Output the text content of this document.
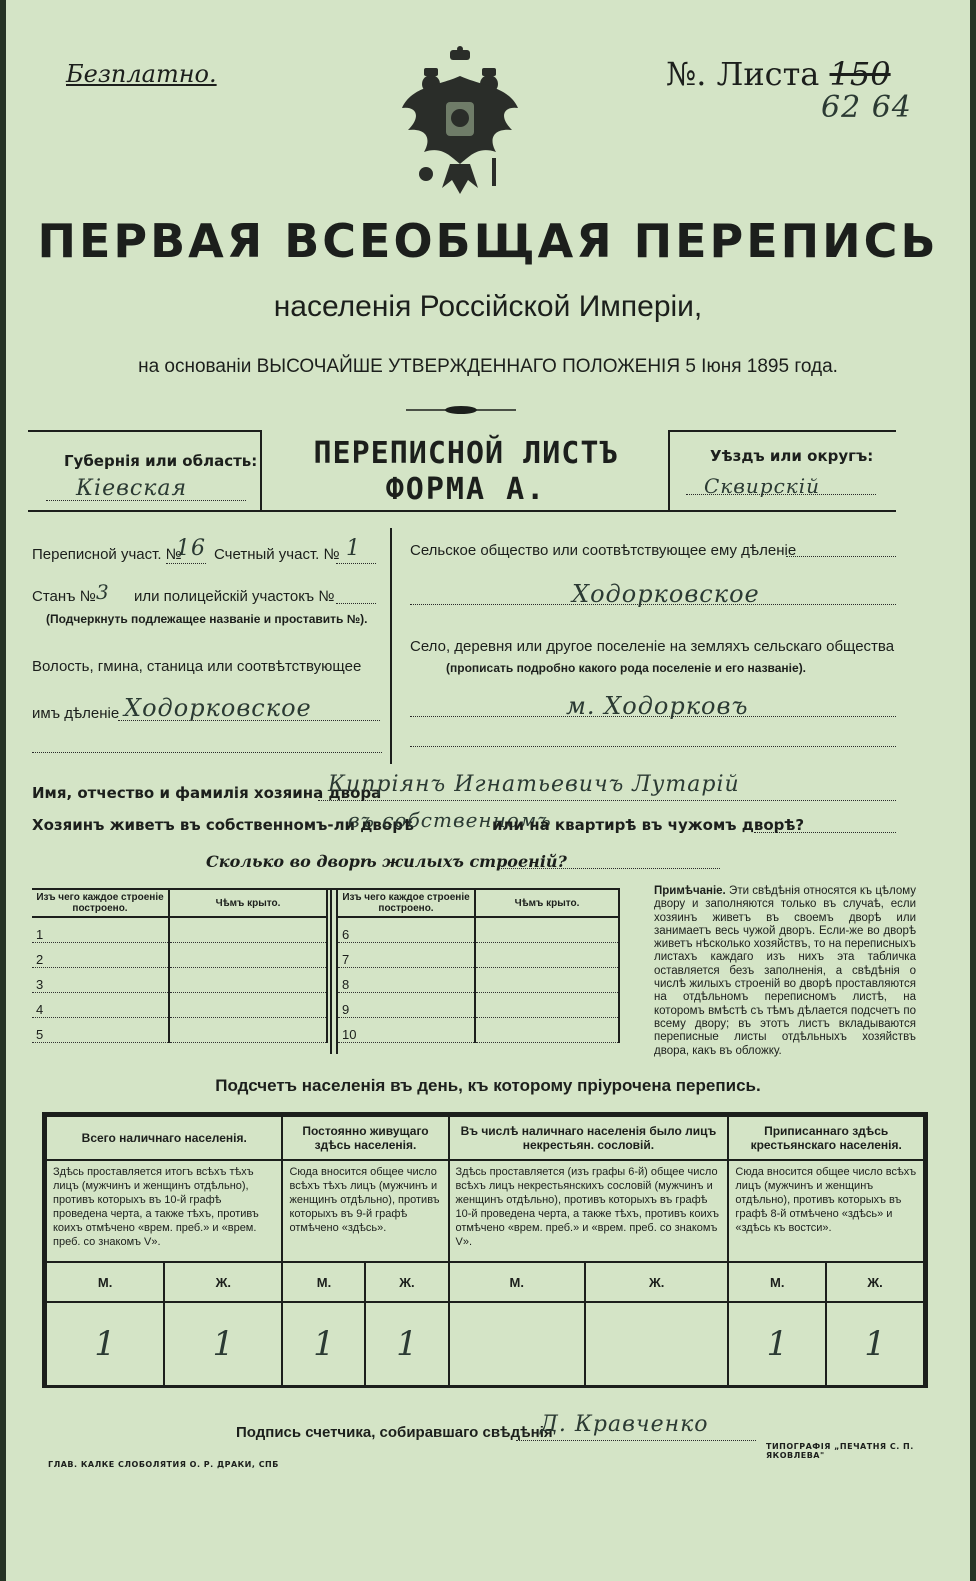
Безплатно.	№. Листа 150
62 64
ПЕРВАЯ ВСЕОБЩАЯ ПЕРЕПИСЬ
населенія Россійской Имперіи,
на основаніи ВЫСОЧАЙШЕ УТВЕРЖДЕННАГО ПОЛОЖЕНІЯ 5 Іюня 1895 года.
Губернія или область:
Кіевская
ПЕРЕПИСНОЙ ЛИСТЪ
ФОРМА А.
Уѣздъ или округъ:
Сквирскій
Переписной участ. №
16 Счетный участ. № 1
Станъ № 3 или полицейскій участокъ №
(Подчеркнуть подлежащее названіе и проставить №).
Волость, гмина, станица или соотвѣтствующее
имъ дѣленіе Ходорковское
Сельское общество или соотвѣтствующее ему дѣленіе
Ходорковское
Село, деревня или другое поселеніе на земляхъ сельскаго общества
(прописать подробно какого рода поселеніе и его названіе).
м. Ходорковъ
Имя, отчество и фамилія хозяина двора
Кипріянъ Игнатьевичъ Лутарій
Хозяинъ живетъ въ собственномъ-ли дворѣ
въ собственномъ
или на квартирѣ въ чужомъ дворѣ?
Сколько во дворѣ жилыхъ строеній?
Изъ чего каждое строеніе построено.	Чѣмъ крыто.
1	
2	
3	
4	
5	
Изъ чего каждое строеніе построено.	Чѣмъ крыто.
6	
7	
8	
9	
10	
Примѣчаніе. Эти свѣдѣнія относятся къ цѣлому двору и заполняются только въ случаѣ, если хозяинъ живетъ въ своемъ дворѣ или занимаетъ весь чужой дворъ. Если-же во дворѣ живетъ нѣсколько хозяйствъ, то на переписныхъ листахъ каждаго изъ нихъ эта табличка оставляется безъ заполненія, а свѣдѣнія о числѣ жилыхъ строеній во дворѣ проставляются на отдѣльномъ переписномъ листѣ, на которомъ вмѣстѣ съ тѣмъ дѣлается подсчетъ по всему двору; въ этотъ листъ вкладываются переписные листы отдѣльныхъ хозяйствъ двора, какъ въ обложку.
Подсчетъ населенія въ день, къ которому пріурочена перепись.
Всего наличнаго населенія.		Постоянно живущаго здѣсь населенія.		Въ числѣ наличнаго населенія было лицъ некрестьян. сословій.		Приписаннаго здѣсь крестьянскаго населенія.	
Здѣсь проставляется итогъ всѣхъ тѣхъ лицъ (мужчинъ и женщинъ отдѣльно), противъ которыхъ въ 10-й графѣ проведена черта, а также тѣхъ, противъ коихъ отмѣчено «врем. преб.» и «врем. преб. со знакомъ V».		Сюда вносится общее число всѣхъ тѣхъ лицъ (мужчинъ и женщинъ отдѣльно), противъ которыхъ въ 9-й графѣ отмѣчено «здѣсь».		Здѣсь проставляется (изъ графы 6-й) общее число всѣхъ лицъ некрестьянскихъ сословій (мужчинъ и женщинъ отдѣльно), противъ которыхъ въ графѣ 10-й проведена черта, а также тѣхъ, противъ коихъ отмѣчено «врем. преб.» и «врем. преб. со знакомъ V».		Сюда вносится общее число всѣхъ лицъ (мужчинъ и женщинъ отдѣльно), противъ которыхъ въ графѣ 8-й отмѣчено «здѣсь» и «здѣсь къ востси».	
М.	Ж.	М.	Ж.	М.	Ж.	М.	Ж.
1	1	1	1			1	1
Подпись счетчика, собиравшаго свѣдѣнія
Д. Кравченко
ГЛАВ. КАЛКЕ СЛОБОЛЯТИЯ О. Р. ДРАКИ, СПБ
ТИПОГРАФІЯ „ПЕЧАТНЯ С. П. ЯКОВЛЕВА"
